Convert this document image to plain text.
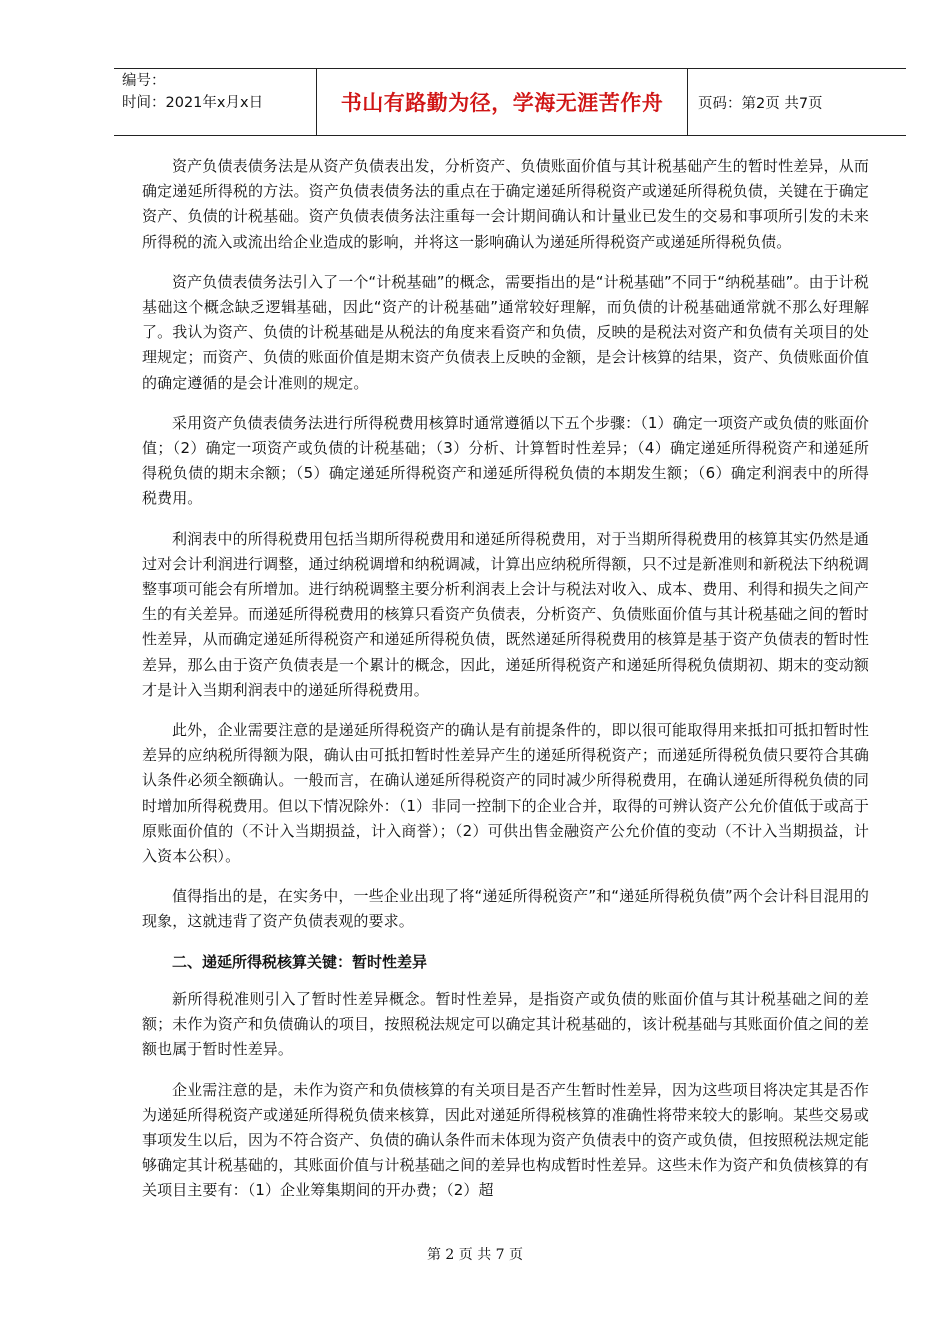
编号：
时间：2021年x月x日	书山有路勤为径，学海无涯苦作舟 页码：第2页 共7页

资产负债表债务法是从资产负债表出发，分析资产、负债账面价值与其计税基础产生的暂时性差异，从而确定递延所得税的方法。资产负债表债务法的重点在于确定递延所得税资产或递延所得税负债，关键在于确定资产、负债的计税基础。资产负债表债务法注重每一会计期间确认和计量业已发生的交易和事项所引发的未来所得税的流入或流出给企业造成的影响，并将这一影响确认为递延所得税资产或递延所得税负债。

资产负债表债务法引入了一个“计税基础”的概念，需要指出的是“计税基础”不同于“纳税基础”。由于计税基础这个概念缺乏逻辑基础，因此“资产的计税基础”通常较好理解，而负债的计税基础通常就不那么好理解了。我认为资产、负债的计税基础是从税法的角度来看资产和负债，反映的是税法对资产和负债有关项目的处理规定；而资产、负债的账面价值是期末资产负债表上反映的金额，是会计核算的结果，资产、负债账面价值的确定遵循的是会计准则的规定。

采用资产负债表债务法进行所得税费用核算时通常遵循以下五个步骤：（1）确定一项资产或负债的账面价值；（2）确定一项资产或负债的计税基础；（3）分析、计算暂时性差异；（4）确定递延所得税资产和递延所得税负债的期末余额；（5）确定递延所得税资产和递延所得税负债的本期发生额；（6）确定利润表中的所得税费用。

利润表中的所得税费用包括当期所得税费用和递延所得税费用，对于当期所得税费用的核算其实仍然是通过对会计利润进行调整，通过纳税调增和纳税调减，计算出应纳税所得额，只不过是新准则和新税法下纳税调整事项可能会有所增加。进行纳税调整主要分析利润表上会计与税法对收入、成本、费用、利得和损失之间产生的有关差异。而递延所得税费用的核算只看资产负债表，分析资产、负债账面价值与其计税基础之间的暂时性差异，从而确定递延所得税资产和递延所得税负债，既然递延所得税费用的核算是基于资产负债表的暂时性差异，那么由于资产负债表是一个累计的概念，因此，递延所得税资产和递延所得税负债期初、期末的变动额才是计入当期利润表中的递延所得税费用。

此外，企业需要注意的是递延所得税资产的确认是有前提条件的，即以很可能取得用来抵扣可抵扣暂时性差异的应纳税所得额为限，确认由可抵扣暂时性差异产生的递延所得税资产；而递延所得税负债只要符合其确认条件必须全额确认。一般而言，在确认递延所得税资产的同时减少所得税费用，在确认递延所得税负债的同时增加所得税费用。但以下情况除外：（1）非同一控制下的企业合并，取得的可辨认资产公允价值低于或高于原账面价值的（不计入当期损益，计入商誉）；（2）可供出售金融资产公允价值的变动（不计入当期损益，计入资本公积）。

值得指出的是，在实务中，一些企业出现了将“递延所得税资产”和“递延所得税负债”两个会计科目混用的现象，这就违背了资产负债表观的要求。

二、递延所得税核算关键：暂时性差异

新所得税准则引入了暂时性差异概念。暂时性差异，是指资产或负债的账面价值与其计税基础之间的差额；未作为资产和负债确认的项目，按照税法规定可以确定其计税基础的，该计税基础与其账面价值之间的差额也属于暂时性差异。

企业需注意的是，未作为资产和负债核算的有关项目是否产生暂时性差异，因为这些项目将决定其是否作为递延所得税资产或递延所得税负债来核算，因此对递延所得税核算的准确性将带来较大的影响。某些交易或事项发生以后，因为不符合资产、负债的确认条件而未体现为资产负债表中的资产或负债，但按照税法规定能够确定其计税基础的，其账面价值与计税基础之间的差异也构成暂时性差异。这些未作为资产和负债核算的有关项目主要有：（1）企业筹集期间的开办费；（2）超

第 2 页 共 7 页
